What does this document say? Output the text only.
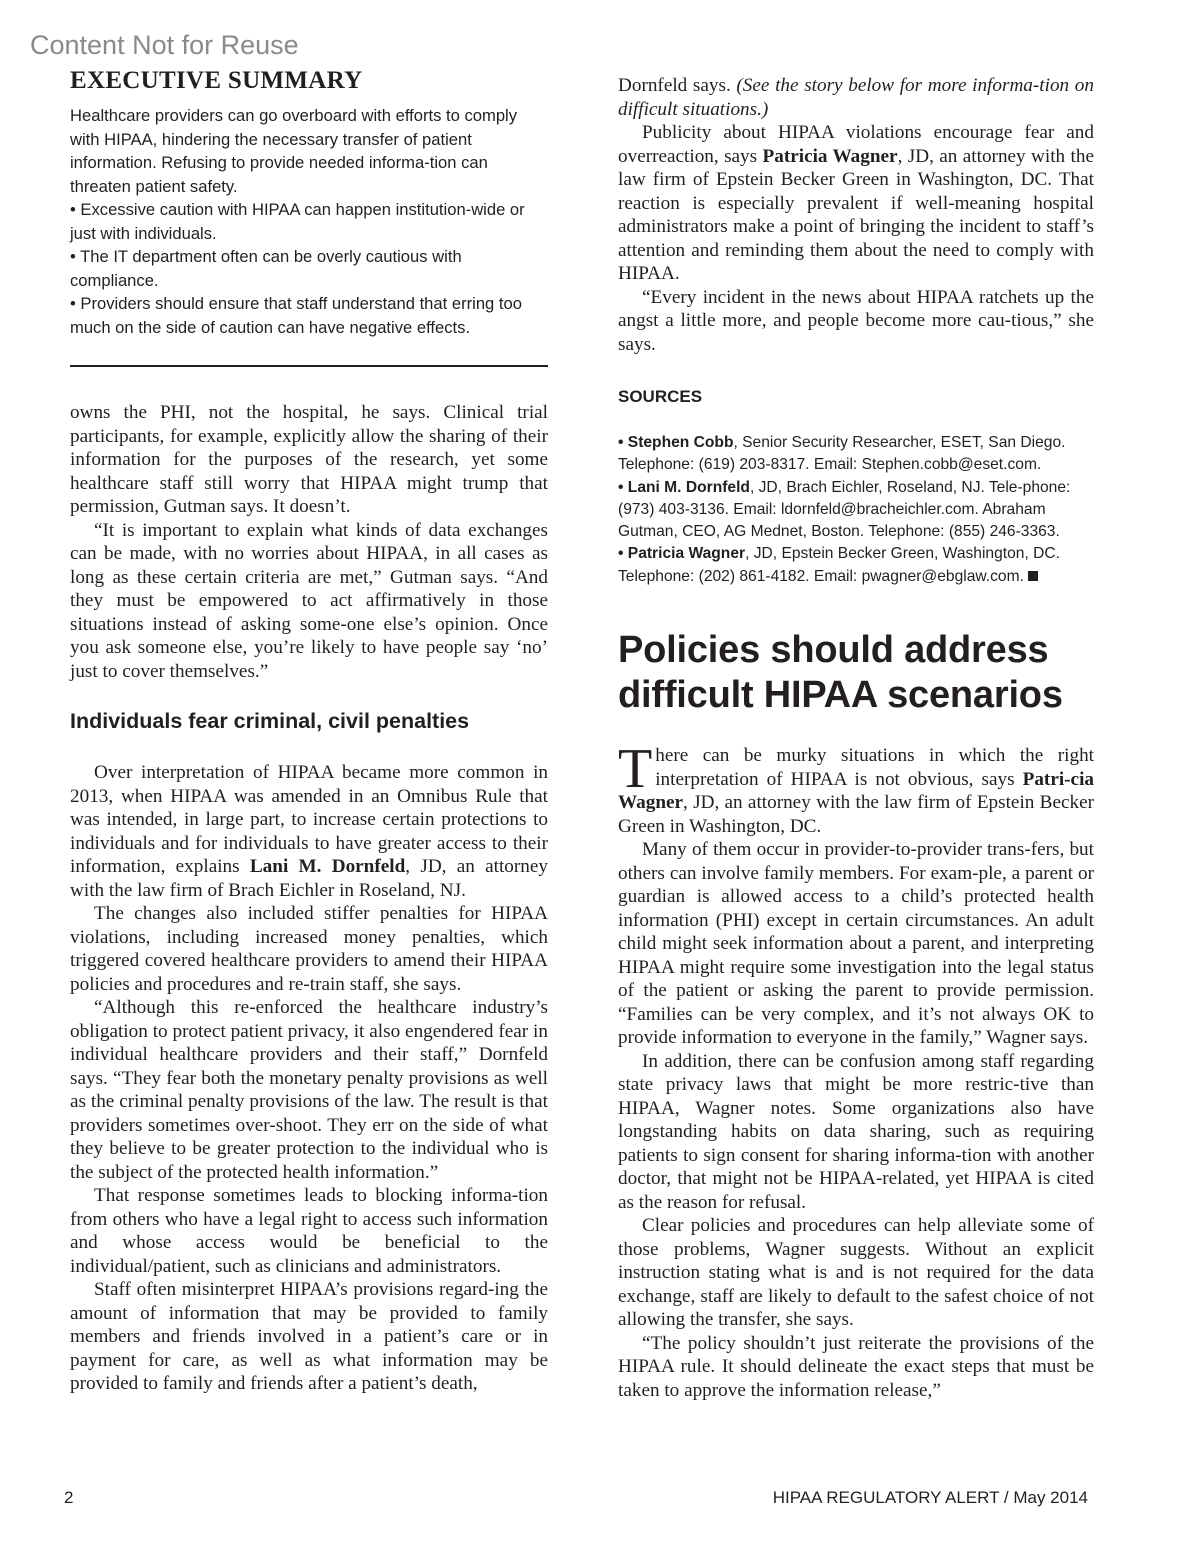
Content Not for Reuse
EXECUTIVE SUMMARY

Healthcare providers can go overboard with efforts to comply with HIPAA, hindering the necessary transfer of patient information. Refusing to provide needed informa-tion can threaten patient safety.

• Excessive caution with HIPAA can happen institution-wide or just with individuals.

• The IT department often can be overly cautious with compliance.

• Providers should ensure that staff understand that erring too much on the side of caution can have negative effects.

owns the PHI, not the hospital, he says. Clinical trial participants, for example, explicitly allow the sharing of their information for the purposes of the research, yet some healthcare staff still worry that HIPAA might trump that permission, Gutman says. It doesn’t.

“It is important to explain what kinds of data exchanges can be made, with no worries about HIPAA, in all cases as long as these certain criteria are met,” Gutman says. “And they must be empowered to act affirmatively in those situations instead of asking some-one else’s opinion. Once you ask someone else, you’re likely to have people say ‘no’ just to cover themselves.”

Individuals fear criminal, civil penalties

Over interpretation of HIPAA became more common in 2013, when HIPAA was amended in an Omnibus Rule that was intended, in large part, to increase certain protections to individuals and for individuals to have greater access to their information, explains Lani M. Dornfeld, JD, an attorney with the law firm of Brach Eichler in Roseland, NJ.

The changes also included stiffer penalties for HIPAA violations, including increased money penalties, which triggered covered healthcare providers to amend their HIPAA policies and procedures and re-train staff, she says.

“Although this re-enforced the healthcare industry’s obligation to protect patient privacy, it also engendered fear in individual healthcare providers and their staff,” Dornfeld says. “They fear both the monetary penalty provisions as well as the criminal penalty provisions of the law. The result is that providers sometimes over-shoot. They err on the side of what they believe to be greater protection to the individual who is the subject of the protected health information.”

That response sometimes leads to blocking informa-tion from others who have a legal right to access such information and whose access would be beneficial to the individual/patient, such as clinicians and administrators.

Staff often misinterpret HIPAA’s provisions regard-ing the amount of information that may be provided to family members and friends involved in a patient’s care or in payment for care, as well as what information may be provided to family and friends after a patient’s death,

Dornfeld says. (See the story below for more informa-tion on difficult situations.)

Publicity about HIPAA violations encourage fear and overreaction, says Patricia Wagner, JD, an attorney with the law firm of Epstein Becker Green in Washington, DC. That reaction is especially prevalent if well-meaning hospital administrators make a point of bringing the incident to staff’s attention and reminding them about the need to comply with HIPAA.

“Every incident in the news about HIPAA ratchets up the angst a little more, and people become more cau-tious,” she says.

SOURCES

• Stephen Cobb, Senior Security Researcher, ESET, San Diego. Telephone: (619) 203-8317. Email: Stephen.cobb@eset.com.

• Lani M. Dornfeld, JD, Brach Eichler, Roseland, NJ. Tele-phone: (973) 403-3136. Email: ldornfeld@bracheichler.com. Abraham Gutman, CEO, AG Mednet, Boston. Telephone: (855) 246-3363.

• Patricia Wagner, JD, Epstein Becker Green, Washington, DC. Telephone: (202) 861-4182. Email: pwagner@ebglaw.com.

Policies should address difficult HIPAA scenarios

There can be murky situations in which the right interpretation of HIPAA is not obvious, says Patri-cia Wagner, JD, an attorney with the law firm of Epstein Becker Green in Washington, DC.

Many of them occur in provider-to-provider trans-fers, but others can involve family members. For exam-ple, a parent or guardian is allowed access to a child’s protected health information (PHI) except in certain circumstances. An adult child might seek information about a parent, and interpreting HIPAA might require some investigation into the legal status of the patient or asking the parent to provide permission. “Families can be very complex, and it’s not always OK to provide information to everyone in the family,” Wagner says.

In addition, there can be confusion among staff regarding state privacy laws that might be more restric-tive than HIPAA, Wagner notes. Some organizations also have longstanding habits on data sharing, such as requiring patients to sign consent for sharing informa-tion with another doctor, that might not be HIPAA-related, yet HIPAA is cited as the reason for refusal.

Clear policies and procedures can help alleviate some of those problems, Wagner suggests. Without an explicit instruction stating what is and is not required for the data exchange, staff are likely to default to the safest choice of not allowing the transfer, she says.

“The policy shouldn’t just reiterate the provisions of the HIPAA rule. It should delineate the exact steps that must be taken to approve the information release,”

2	HIPAA REGULATORY ALERT / May 2014
